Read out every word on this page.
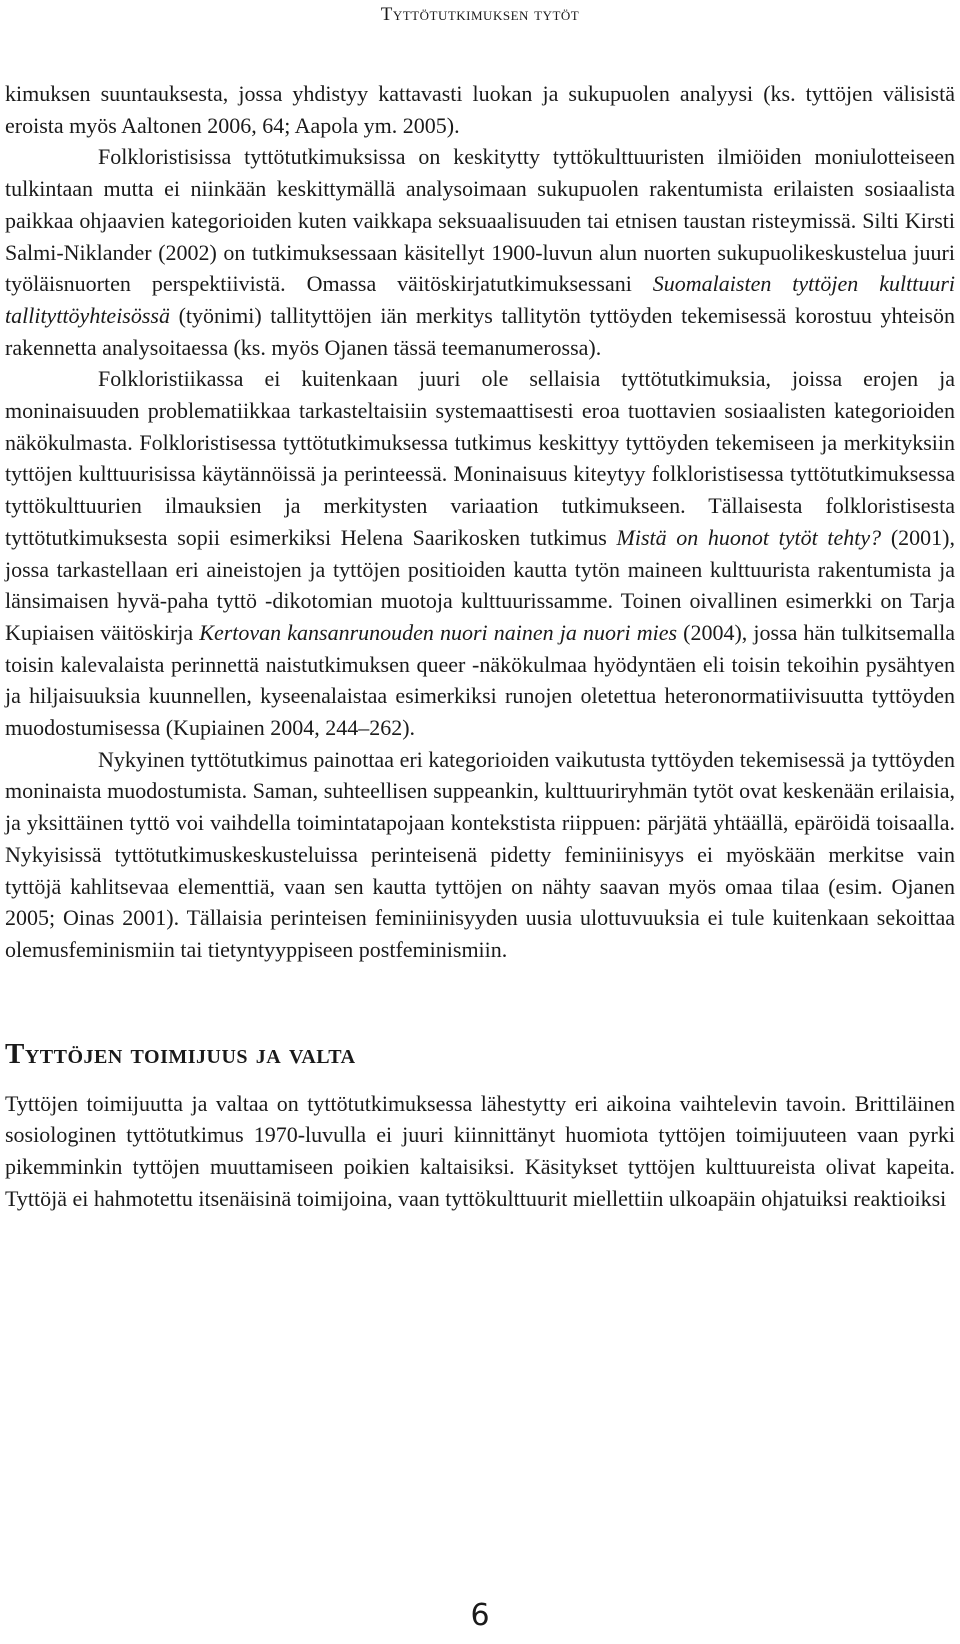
Tyttötutkimuksen tytöt

kimuksen suuntauksesta, jossa yhdistyy kattavasti luokan ja sukupuolen analyysi (ks. tyttöjen välisistä eroista myös Aaltonen 2006, 64; Aapola ym. 2005).

Folkloristisissa tyttötutkimuksissa on keskitytty tyttökulttuuristen ilmiöiden moniulotteiseen tulkintaan mutta ei niinkään keskittymällä analysoimaan sukupuolen rakentumista erilaisten sosiaalista paikkaa ohjaavien kategorioiden kuten vaikkapa seksuaalisuuden tai etnisen taustan risteymissä. Silti Kirsti Salmi-Niklander (2002) on tutkimuksessaan käsitellyt 1900-luvun alun nuorten sukupuolikeskustelua juuri työläisnuorten perspektiivistä. Omassa väitöskirjatutkimuksessani Suomalaisten tyttöjen kulttuuri tallityttöyhteisössä (työnimi) tallityttöjen iän merkitys tallitytön tyttöyden tekemisessä korostuu yhteisön rakennetta analysoitaessa (ks. myös Ojanen tässä teemanumerossa).

Folkloristiikassa ei kuitenkaan juuri ole sellaisia tyttötutkimuksia, joissa erojen ja moninaisuuden problematiikkaa tarkasteltaisiin systemaattisesti eroa tuottavien sosiaalisten kategorioiden näkökulmasta. Folkloristisessa tyttötutkimuksessa tutkimus keskittyy tyttöyden tekemiseen ja merkityksiin tyttöjen kulttuurisissa käytännöissä ja perinteessä. Moninaisuus kiteytyy folkloristisessa tyttötutkimuksessa tyttökulttuurien ilmauksien ja merkitysten variaation tutkimukseen. Tällaisesta folkloristisesta tyttötutkimuksesta sopii esimerkiksi Helena Saarikosken tutkimus Mistä on huonot tytöt tehty? (2001), jossa tarkastellaan eri aineistojen ja tyttöjen positioiden kautta tytön maineen kulttuurista rakentumista ja länsimaisen hyvä-paha tyttö -dikotomian muotoja kulttuurissamme. Toinen oivallinen esimerkki on Tarja Kupiaisen väitöskirja Kertovan kansanrunouden nuori nainen ja nuori mies (2004), jossa hän tulkitsemalla toisin kalevalaista perinnettä naistutkimuksen queer -näkökulmaa hyödyntäen eli toisin tekoihin pysähtyen ja hiljaisuuksia kuunnellen, kyseenalaistaa esimerkiksi runojen oletettua heteronormatiivisuutta tyttöyden muodostumisessa (Kupiainen 2004, 244–262).

Nykyinen tyttötutkimus painottaa eri kategorioiden vaikutusta tyttöyden tekemisessä ja tyttöyden moninaista muodostumista. Saman, suhteellisen suppeankin, kulttuuriryhmän tytöt ovat keskenään erilaisia, ja yksittäinen tyttö voi vaihdella toimintatapojaan kontekstista riippuen: pärjätä yhtäällä, epäröidä toisaalla. Nykyisissä tyttötutkimuskeskusteluissa perinteisenä pidetty feminiinisyys ei myöskään merkitse vain tyttöjä kahlitsevaa elementtiä, vaan sen kautta tyttöjen on nähty saavan myös omaa tilaa (esim. Ojanen 2005; Oinas 2001). Tällaisia perinteisen feminiinisyyden uusia ulottuvuuksia ei tule kuitenkaan sekoittaa olemusfeminismiin tai tietyntyyppiseen postfeminismiin.

Tyttöjen toimijuus ja valta

Tyttöjen toimijuutta ja valtaa on tyttötutkimuksessa lähestytty eri aikoina vaihtelevin tavoin. Brittiläinen sosiologinen tyttötutkimus 1970-luvulla ei juuri kiinnittänyt huomiota tyttöjen toimijuuteen vaan pyrki pikemminkin tyttöjen muuttamiseen poikien kaltaisiksi. Käsitykset tyttöjen kulttuureista olivat kapeita. Tyttöjä ei hahmotettu itsenäisinä toimijoina, vaan tyttökulttuurit miellettiin ulkoapäin ohjatuiksi reaktioiksi

6
